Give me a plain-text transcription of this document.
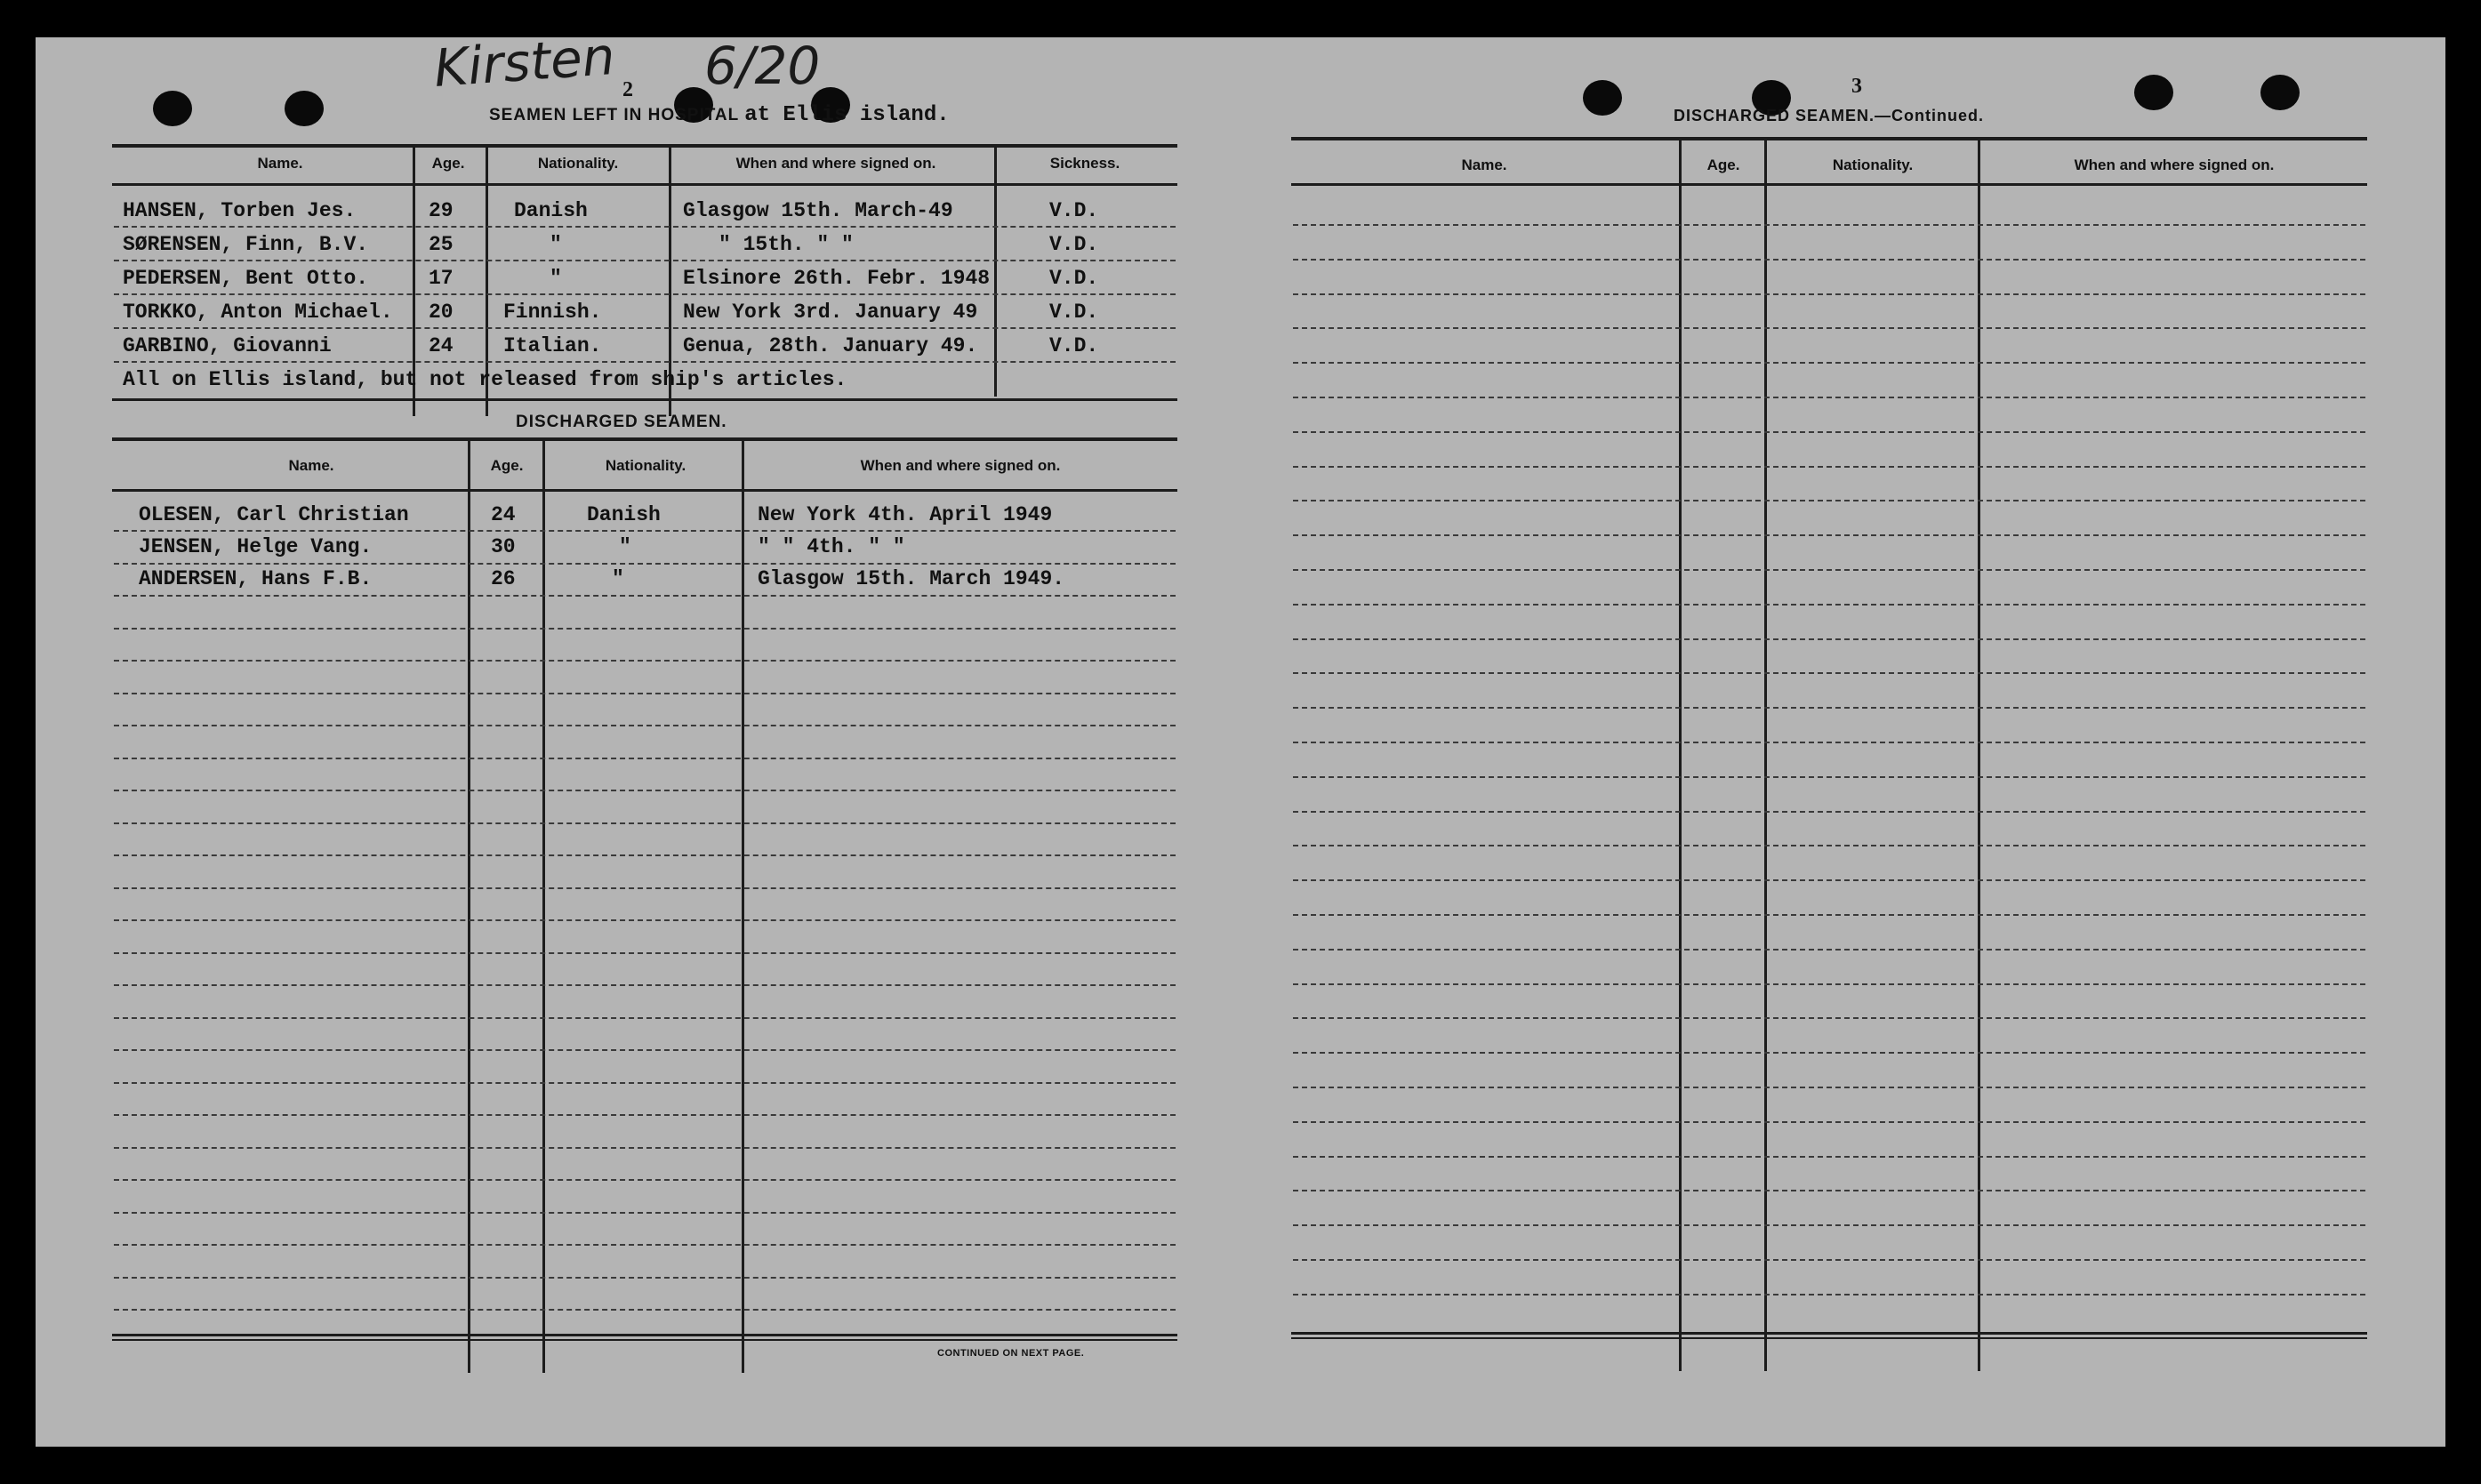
Kirsten 6/20
2
SEAMEN LEFT IN HOSPITAL at Ellis island.
Name.	Age.	Nationality.	When and where signed on.	Sickness.
HANSEN, Torben Jes.	29	Danish	Glasgow 15th. March-49	V.D.
SØRENSEN, Finn, B.V.	25	"	" 15th. " "	V.D.
PEDERSEN, Bent Otto.	17	"	Elsinore 26th. Febr. 1948	V.D.
TORKKO, Anton Michael. 20 Finnish.	New York 3rd. January 49	V.D.
GARBINO, Giovanni	24 Italian.	Genua, 28th. January 49.	V.D.
All on Ellis island, but not released from ship's articles.
DISCHARGED SEAMEN.
Name.	Age.	Nationality.	When and where signed on.
OLESEN, Carl Christian	24	Danish	New York 4th. April 1949
JENSEN, Helge Vang.	30	"	" " 4th. " "
ANDERSEN, Hans F.B.	26	"	Glasgow 15th. March 1949.
CONTINUED ON NEXT PAGE.
3
DISCHARGED SEAMEN.—Continued.
Name.	Age.	Nationality.	When and where signed on.
